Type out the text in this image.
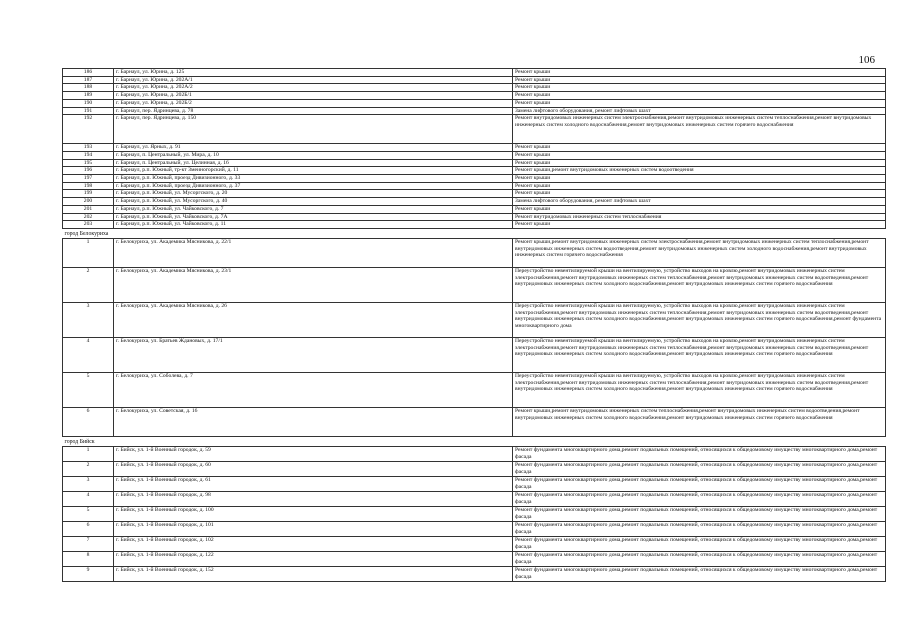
106
186	г. Барнаул, ул. Юрина, д. 125	Ремонт крыши
187	г. Барнаул, ул. Юрина, д. 202А/1	Ремонт крыши
188	г. Барнаул, ул. Юрина, д. 202А/2	Ремонт крыши
189	г. Барнаул, ул. Юрина, д. 202Б/1	Ремонт крыши
190	г. Барнаул, ул. Юрина, д. 202Б/2	Ремонт крыши
191	г. Барнаул, пер. Ядринцева, д. 78	Замена лифтового оборудования, ремонт лифтовых шахт
192	г. Барнаул, пер. Ядринцева, д. 150	Ремонт внутридомовых инженерных систем электроснабжения,ремонт внутридомовых инженерных систем теплоснабжения,ремонт внутридомовых инженерных систем холодного водоснабжения,ремонт внутридомовых инженерных систем горячего водоснабжения
193	г. Барнаул, ул. Ярных, д. 91	Ремонт крыши
194	г. Барнаул, п. Центральный, ул. Мира, д. 10	Ремонт крыши
195	г. Барнаул, п. Центральный, ул. Целинная, д. 16	Ремонт крыши
196	г. Барнаул, р.п. Южный, тр-кт Змеиногорский, д. 11	Ремонт крыши,ремонт внутридомовых инженерных систем водоотведения
197	г. Барнаул, р.п. Южный, проезд Дивизионного, д. 33	Ремонт крыши
198	г. Барнаул, р.п. Южный, проезд Дивизионного, д. 37	Ремонт крыши
199	г. Барнаул, р.п. Южный, ул. Мусоргского, д. 20	Ремонт крыши
200	г. Барнаул, р.п. Южный, ул. Мусоргского, д. 40	Замена лифтового оборудования, ремонт лифтовых шахт
201	г. Барнаул, р.п. Южный, ул. Чайковского, д. 7	Ремонт крыши
202	г. Барнаул, р.п. Южный, ул. Чайковского, д. 7А	Ремонт внутридомовых инженерных систем теплоснабжения
203	г. Барнаул, р.п. Южный, ул. Чайковского, д. 11	Ремонт крыши
город Белокуриха		
1	г. Белокуриха, ул. Академика Мясникова, д. 22/1	Ремонт крыши,ремонт внутридомовых инженерных систем электроснабжения,ремонт внутридомовых инженерных систем теплоснабжения,ремонт внутридомовых инженерных систем водоотведения,ремонт внутридомовых инженерных систем холодного водоснабжения,ремонт внутридомовых инженерных систем горячего водоснабжения
2	г. Белокуриха, ул. Академика Мясникова, д. 23/1	Переустройство невентилируемой крыши на вентилируемую, устройство выходов на кровлю,ремонт внутридомовых инженерных систем электроснабжения,ремонт внутридомовых инженерных систем теплоснабжения,ремонт внутридомовых инженерных систем водоотведения,ремонт внутридомовых инженерных систем холодного водоснабжения,ремонт внутридомовых инженерных систем горячего водоснабжения
3	г. Белокуриха, ул. Академика Мясникова, д. 26	Переустройство невентилируемой крыши на вентилируемую, устройство выходов на кровлю,ремонт внутридомовых инженерных систем электроснабжения,ремонт внутридомовых инженерных систем теплоснабжения,ремонт внутридомовых инженерных систем водоотведения,ремонт внутридомовых инженерных систем холодного водоснабжения,ремонт внутридомовых инженерных систем горячего водоснабжения,ремонт фундамента многоквартирного дома
4	г. Белокуриха, ул. Братьев Ждановых, д. 17/1	Переустройство невентилируемой крыши на вентилируемую, устройство выходов на кровлю,ремонт внутридомовых инженерных систем электроснабжения,ремонт внутридомовых инженерных систем теплоснабжения,ремонт внутридомовых инженерных систем водоотведения,ремонт внутридомовых инженерных систем холодного водоснабжения,ремонт внутридомовых инженерных систем горячего водоснабжения
5	г. Белокуриха, ул. Соболева, д. 7	Переустройство невентилируемой крыши на вентилируемую, устройство выходов на кровлю,ремонт внутридомовых инженерных систем электроснабжения,ремонт внутридомовых инженерных систем теплоснабжения,ремонт внутридомовых инженерных систем водоотведения,ремонт внутридомовых инженерных систем холодного водоснабжения,ремонт внутридомовых инженерных систем горячего водоснабжения
6	г. Белокуриха, ул. Советская, д. 16	Ремонт крыши,ремонт внутридомовых инженерных систем теплоснабжения,ремонт внутридомовых инженерных систем водоотведения,ремонт внутридомовых инженерных систем холодного водоснабжения,ремонт внутридомовых инженерных систем горячего водоснабжения
город Бийск		
1	г. Бийск, ул. 1-й Военный городок, д. 59	Ремонт фундамента многоквартирного дома,ремонт подвальных помещений, относящихся к общедомовому имуществу многоквартирного дома,ремонт фасада
2	г. Бийск, ул. 1-й Военный городок, д. 60	Ремонт фундамента многоквартирного дома,ремонт подвальных помещений, относящихся к общедомовому имуществу многоквартирного дома,ремонт фасада
3	г. Бийск, ул. 1-й Военный городок, д. 61	Ремонт фундамента многоквартирного дома,ремонт подвальных помещений, относящихся к общедомовому имуществу многоквартирного дома,ремонт фасада
4	г. Бийск, ул. 1-й Военный городок, д. 98	Ремонт фундамента многоквартирного дома,ремонт подвальных помещений, относящихся к общедомовому имуществу многоквартирного дома,ремонт фасада
5	г. Бийск, ул. 1-й Военный городок, д. 100	Ремонт фундамента многоквартирного дома,ремонт подвальных помещений, относящихся к общедомовому имуществу многоквартирного дома,ремонт фасада
6	г. Бийск, ул. 1-й Военный городок, д. 101	Ремонт фундамента многоквартирного дома,ремонт подвальных помещений, относящихся к общедомовому имуществу многоквартирного дома,ремонт фасада
7	г. Бийск, ул. 1-й Военный городок, д. 102	Ремонт фундамента многоквартирного дома,ремонт подвальных помещений, относящихся к общедомовому имуществу многоквартирного дома,ремонт фасада
8	г. Бийск, ул. 1-й Военный городок, д. 122	Ремонт фундамента многоквартирного дома,ремонт подвальных помещений, относящихся к общедомовому имуществу многоквартирного дома,ремонт фасада
9	г. Бийск, ул. 1-й Военный городок, д. 152	Ремонт фундамента многоквартирного дома,ремонт подвальных помещений, относящихся к общедомовому имуществу многоквартирного дома,ремонт фасада
